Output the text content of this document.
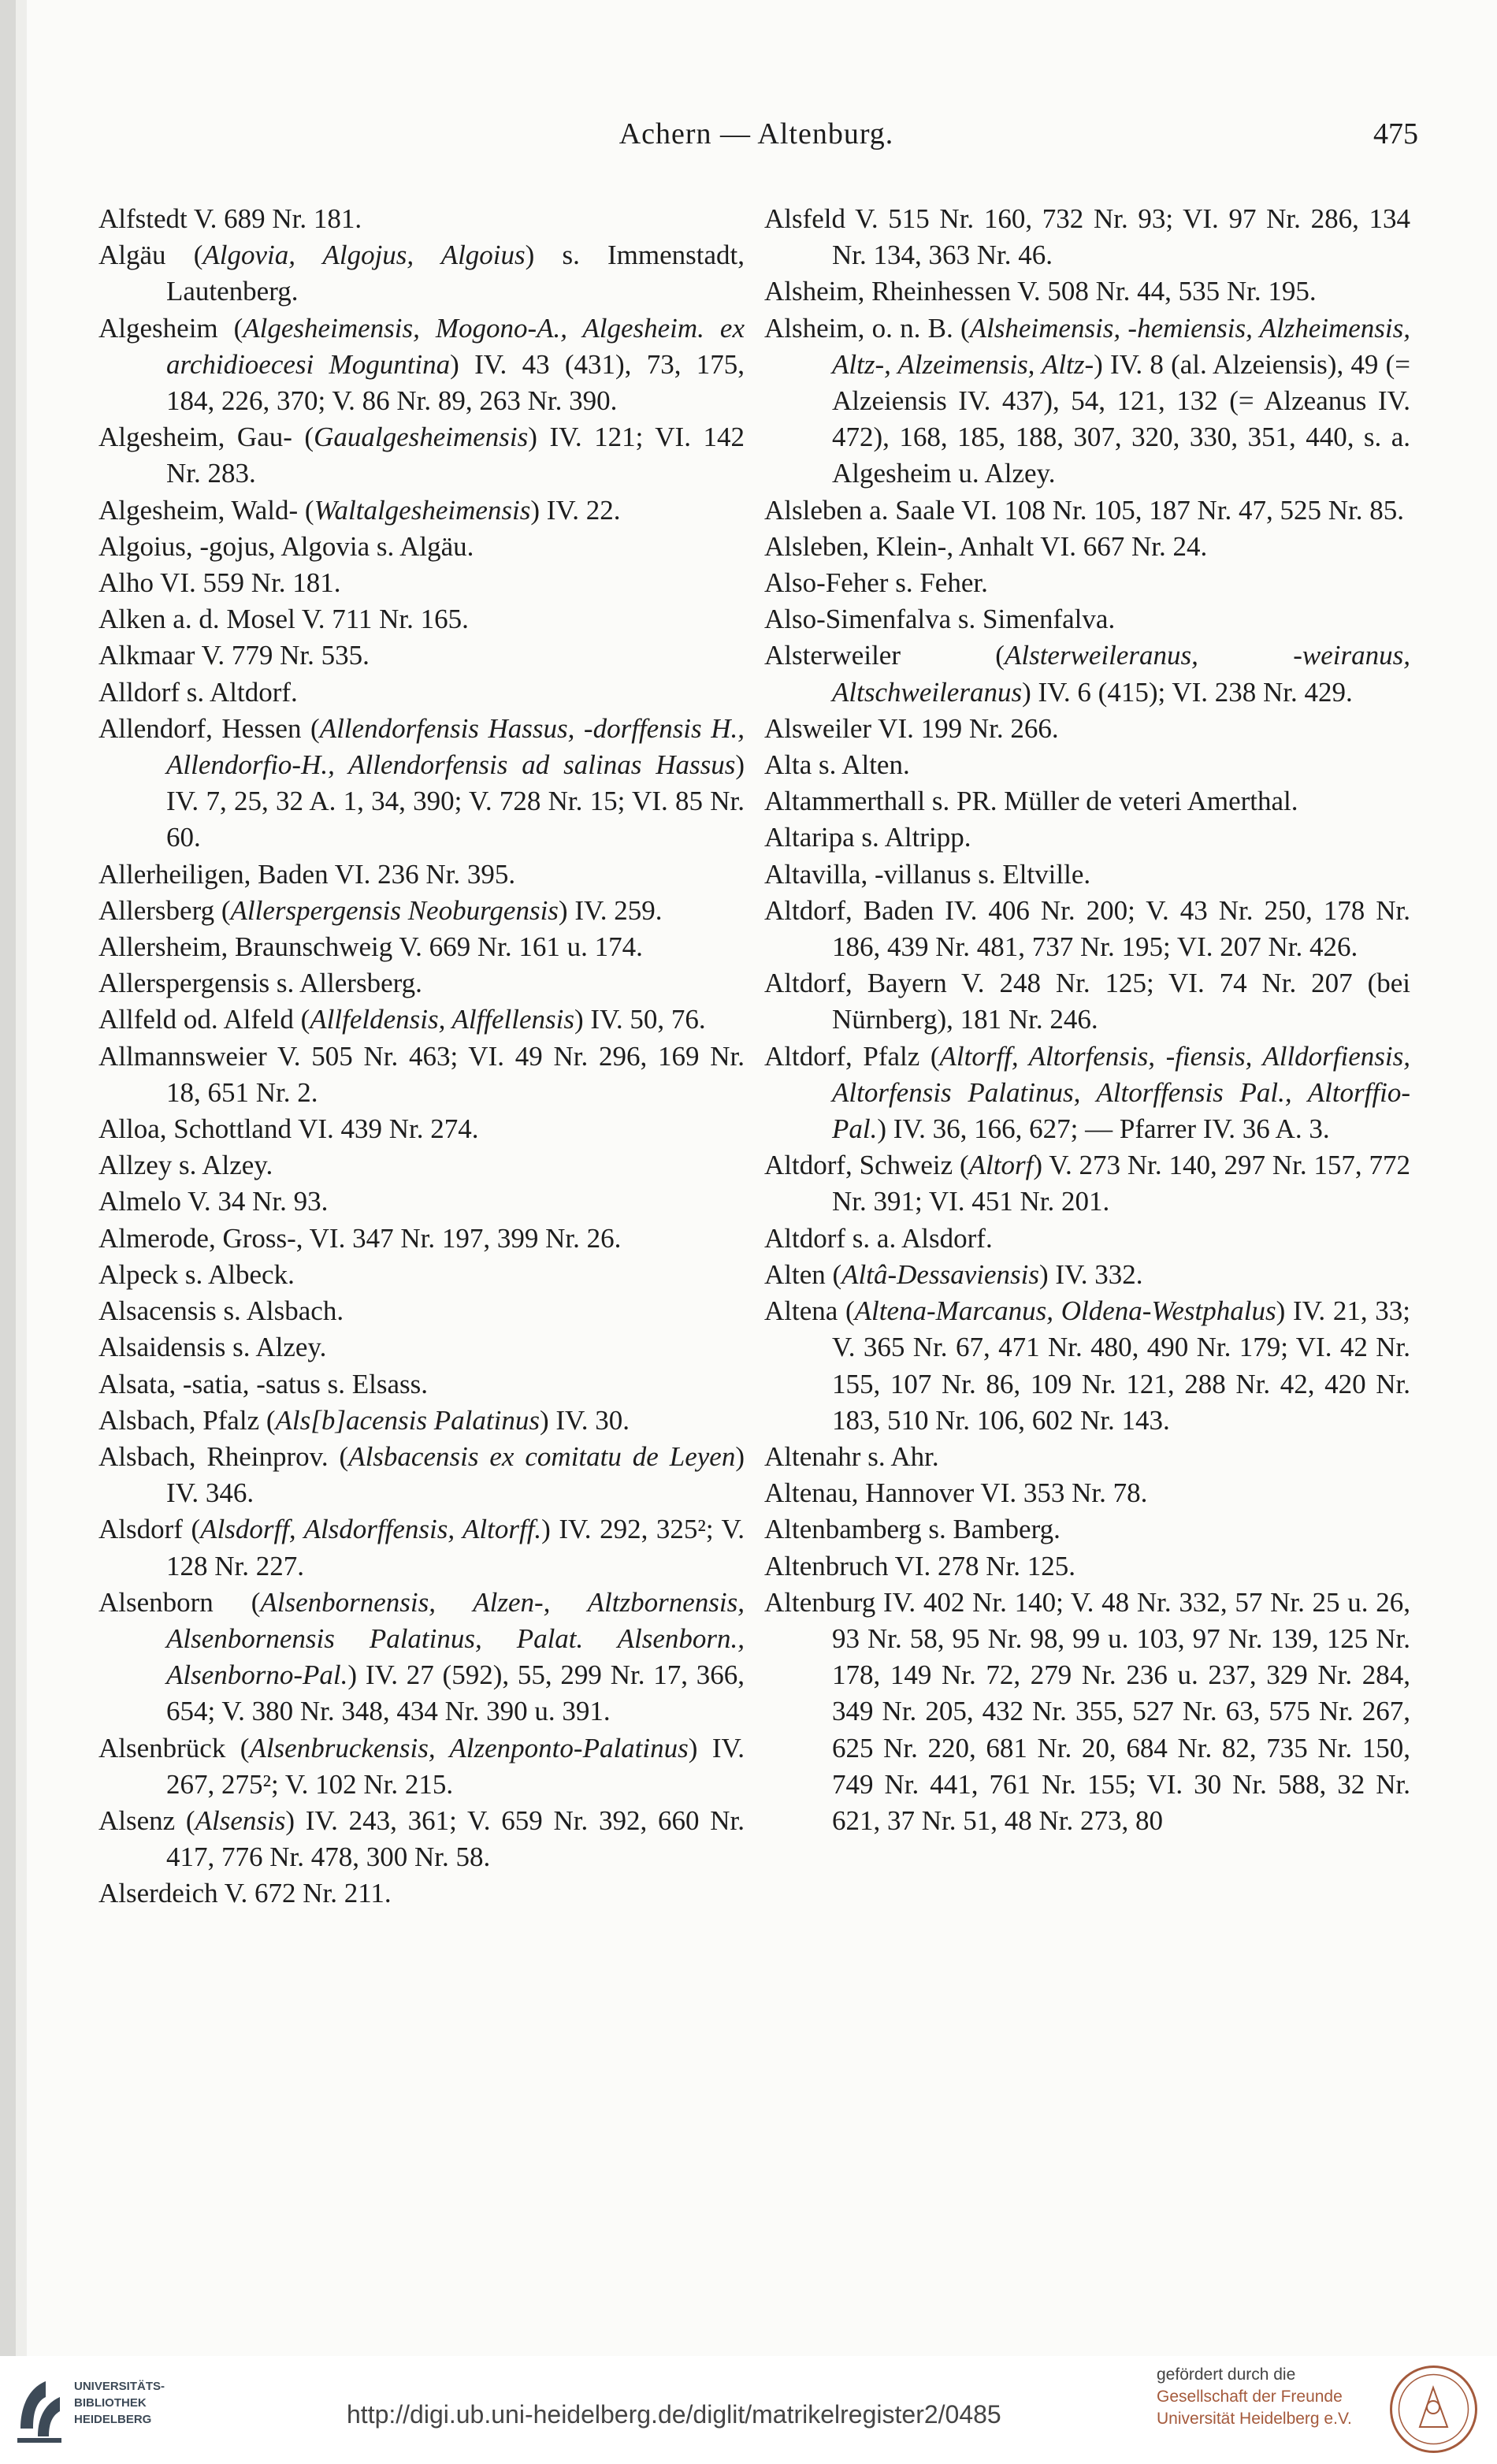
Achern — Altenburg.	475
Alfstedt V. 689 Nr. 181.
Algäu (Algovia, Algojus, Algoius) s. Immenstadt, Lautenberg.
Algesheim (Algesheimensis, Mogono-A., Algesheim. ex archidioecesi Moguntina) IV. 43 (431), 73, 175, 184, 226, 370; V. 86 Nr. 89, 263 Nr. 390.
Algesheim, Gau- (Gaualgesheimensis) IV. 121; VI. 142 Nr. 283.
Algesheim, Wald- (Waltalgesheimensis) IV. 22.
Algoius, -gojus, Algovia s. Algäu.
Alho VI. 559 Nr. 181.
Alken a. d. Mosel V. 711 Nr. 165.
Alkmaar V. 779 Nr. 535.
Alldorf s. Altdorf.
Allendorf, Hessen (Allendorfensis Hassus, -dorffensis H., Allendorfio-H., Allendorfensis ad salinas Hassus) IV. 7, 25, 32 A. 1, 34, 390; V. 728 Nr. 15; VI. 85 Nr. 60.
Allerheiligen, Baden VI. 236 Nr. 395.
Allersberg (Allerspergensis Neoburgensis) IV. 259.
Allersheim, Braunschweig V. 669 Nr. 161 u. 174.
Allerspergensis s. Allersberg.
Allfeld od. Alfeld (Allfeldensis, Alffellensis) IV. 50, 76.
Allmannsweier V. 505 Nr. 463; VI. 49 Nr. 296, 169 Nr. 18, 651 Nr. 2.
Alloa, Schottland VI. 439 Nr. 274.
Allzey s. Alzey.
Almelo V. 34 Nr. 93.
Almerode, Gross-, VI. 347 Nr. 197, 399 Nr. 26.
Alpeck s. Albeck.
Alsacensis s. Alsbach.
Alsaidensis s. Alzey.
Alsata, -satia, -satus s. Elsass.
Alsbach, Pfalz (Als[b]acensis Palatinus) IV. 30.
Alsbach, Rheinprov. (Alsbacensis ex comitatu de Leyen) IV. 346.
Alsdorf (Alsdorff, Alsdorffensis, Altorff.) IV. 292, 325²; V. 128 Nr. 227.
Alsenborn (Alsenbornensis, Alzen-, Altzbornensis, Alsenbornensis Palatinus, Palat. Alsenborn., Alsenborno-Pal.) IV. 27 (592), 55, 299 Nr. 17, 366, 654; V. 380 Nr. 348, 434 Nr. 390 u. 391.
Alsenbrück (Alsenbruckensis, Alzenponto-Palatinus) IV. 267, 275²; V. 102 Nr. 215.
Alsenz (Alsensis) IV. 243, 361; V. 659 Nr. 392, 660 Nr. 417, 776 Nr. 478, 300 Nr. 58.
Alserdeich V. 672 Nr. 211.
Alsfeld V. 515 Nr. 160, 732 Nr. 93; VI. 97 Nr. 286, 134 Nr. 134, 363 Nr. 46.
Alsheim, Rheinhessen V. 508 Nr. 44, 535 Nr. 195.
Alsheim, o. n. B. (Alsheimensis, -hemiensis, Alzheimensis, Altz-, Alzeimensis, Altz-) IV. 8 (al. Alzeiensis), 49 (= Alzeiensis IV. 437), 54, 121, 132 (= Alzeanus IV. 472), 168, 185, 188, 307, 320, 330, 351, 440, s. a. Algesheim u. Alzey.
Alsleben a. Saale VI. 108 Nr. 105, 187 Nr. 47, 525 Nr. 85.
Alsleben, Klein-, Anhalt VI. 667 Nr. 24.
Also-Feher s. Feher.
Also-Simenfalva s. Simenfalva.
Alsterweiler (Alsterweileranus, -weiranus, Altschweileranus) IV. 6 (415); VI. 238 Nr. 429.
Alsweiler VI. 199 Nr. 266.
Alta s. Alten.
Altammerthall s. PR. Müller de veteri Amerthal.
Altaripa s. Altripp.
Altavilla, -villanus s. Eltville.
Altdorf, Baden IV. 406 Nr. 200; V. 43 Nr. 250, 178 Nr. 186, 439 Nr. 481, 737 Nr. 195; VI. 207 Nr. 426.
Altdorf, Bayern V. 248 Nr. 125; VI. 74 Nr. 207 (bei Nürnberg), 181 Nr. 246.
Altdorf, Pfalz (Altorff, Altorfensis, -fiensis, Alldorfiensis, Altorfensis Palatinus, Altorffensis Pal., Altorffio-Pal.) IV. 36, 166, 627; — Pfarrer IV. 36 A. 3.
Altdorf, Schweiz (Altorf) V. 273 Nr. 140, 297 Nr. 157, 772 Nr. 391; VI. 451 Nr. 201.
Altdorf s. a. Alsdorf.
Alten (Altâ-Dessaviensis) IV. 332.
Altena (Altena-Marcanus, Oldena-Westphalus) IV. 21, 33; V. 365 Nr. 67, 471 Nr. 480, 490 Nr. 179; VI. 42 Nr. 155, 107 Nr. 86, 109 Nr. 121, 288 Nr. 42, 420 Nr. 183, 510 Nr. 106, 602 Nr. 143.
Altenahr s. Ahr.
Altenau, Hannover VI. 353 Nr. 78.
Altenbamberg s. Bamberg.
Altenbruch VI. 278 Nr. 125.
Altenburg IV. 402 Nr. 140; V. 48 Nr. 332, 57 Nr. 25 u. 26, 93 Nr. 58, 95 Nr. 98, 99 u. 103, 97 Nr. 139, 125 Nr. 178, 149 Nr. 72, 279 Nr. 236 u. 237, 329 Nr. 284, 349 Nr. 205, 432 Nr. 355, 527 Nr. 63, 575 Nr. 267, 625 Nr. 220, 681 Nr. 20, 684 Nr. 82, 735 Nr. 150, 749 Nr. 441, 761 Nr. 155; VI. 30 Nr. 588, 32 Nr. 621, 37 Nr. 51, 48 Nr. 273, 80
UNIVERSITÄTS-
BIBLIOTHEK
HEIDELBERG	http://digi.ub.uni-heidelberg.de/diglit/matrikelregister2/0485
gefördert durch die
Gesellschaft der Freunde
Universität Heidelberg e.V.
